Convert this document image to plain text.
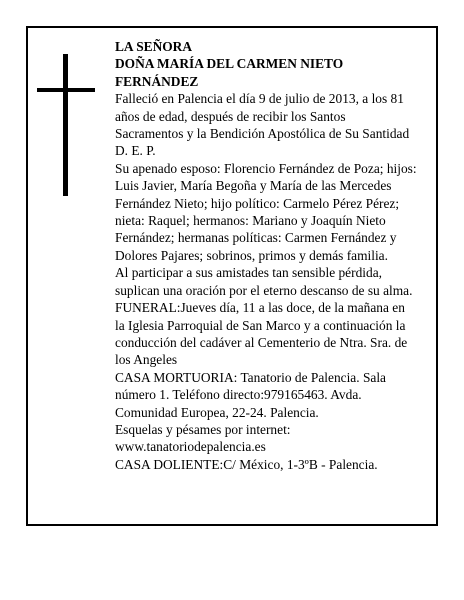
LA SEÑORA

DOÑA MARÍA DEL CARMEN NIETO FERNÁNDEZ

Falleció en Palencia el día 9 de julio de 2013, a los 81 años de edad, después de recibir los Santos Sacramentos y la Bendición Apostólica de Su Santidad

D. E. P.

Su apenado esposo: Florencio Fernández de Poza; hijos: Luis Javier, María Begoña y María de las Mercedes Fernández Nieto; hijo político: Carmelo Pérez Pérez; nieta: Raquel; hermanos: Mariano y Joaquín Nieto Fernández; hermanas políticas: Carmen Fernández y Dolores Pajares; sobrinos, primos y demás familia.

Al participar a sus amistades tan sensible pérdida, suplican una oración por el eterno descanso de su alma.

FUNERAL:Jueves día, 11 a las doce, de la mañana en la Iglesia Parroquial de San Marco y a continuación la conducción del cadáver al Cementerio de Ntra. Sra. de los Angeles

CASA MORTUORIA: Tanatorio de Palencia. Sala número 1. Teléfono directo:979165463. Avda. Comunidad Europea, 22-24. Palencia.

Esquelas y pésames por internet:

www.tanatoriodepalencia.es

CASA DOLIENTE:C/ México, 1-3ºB - Palencia.
